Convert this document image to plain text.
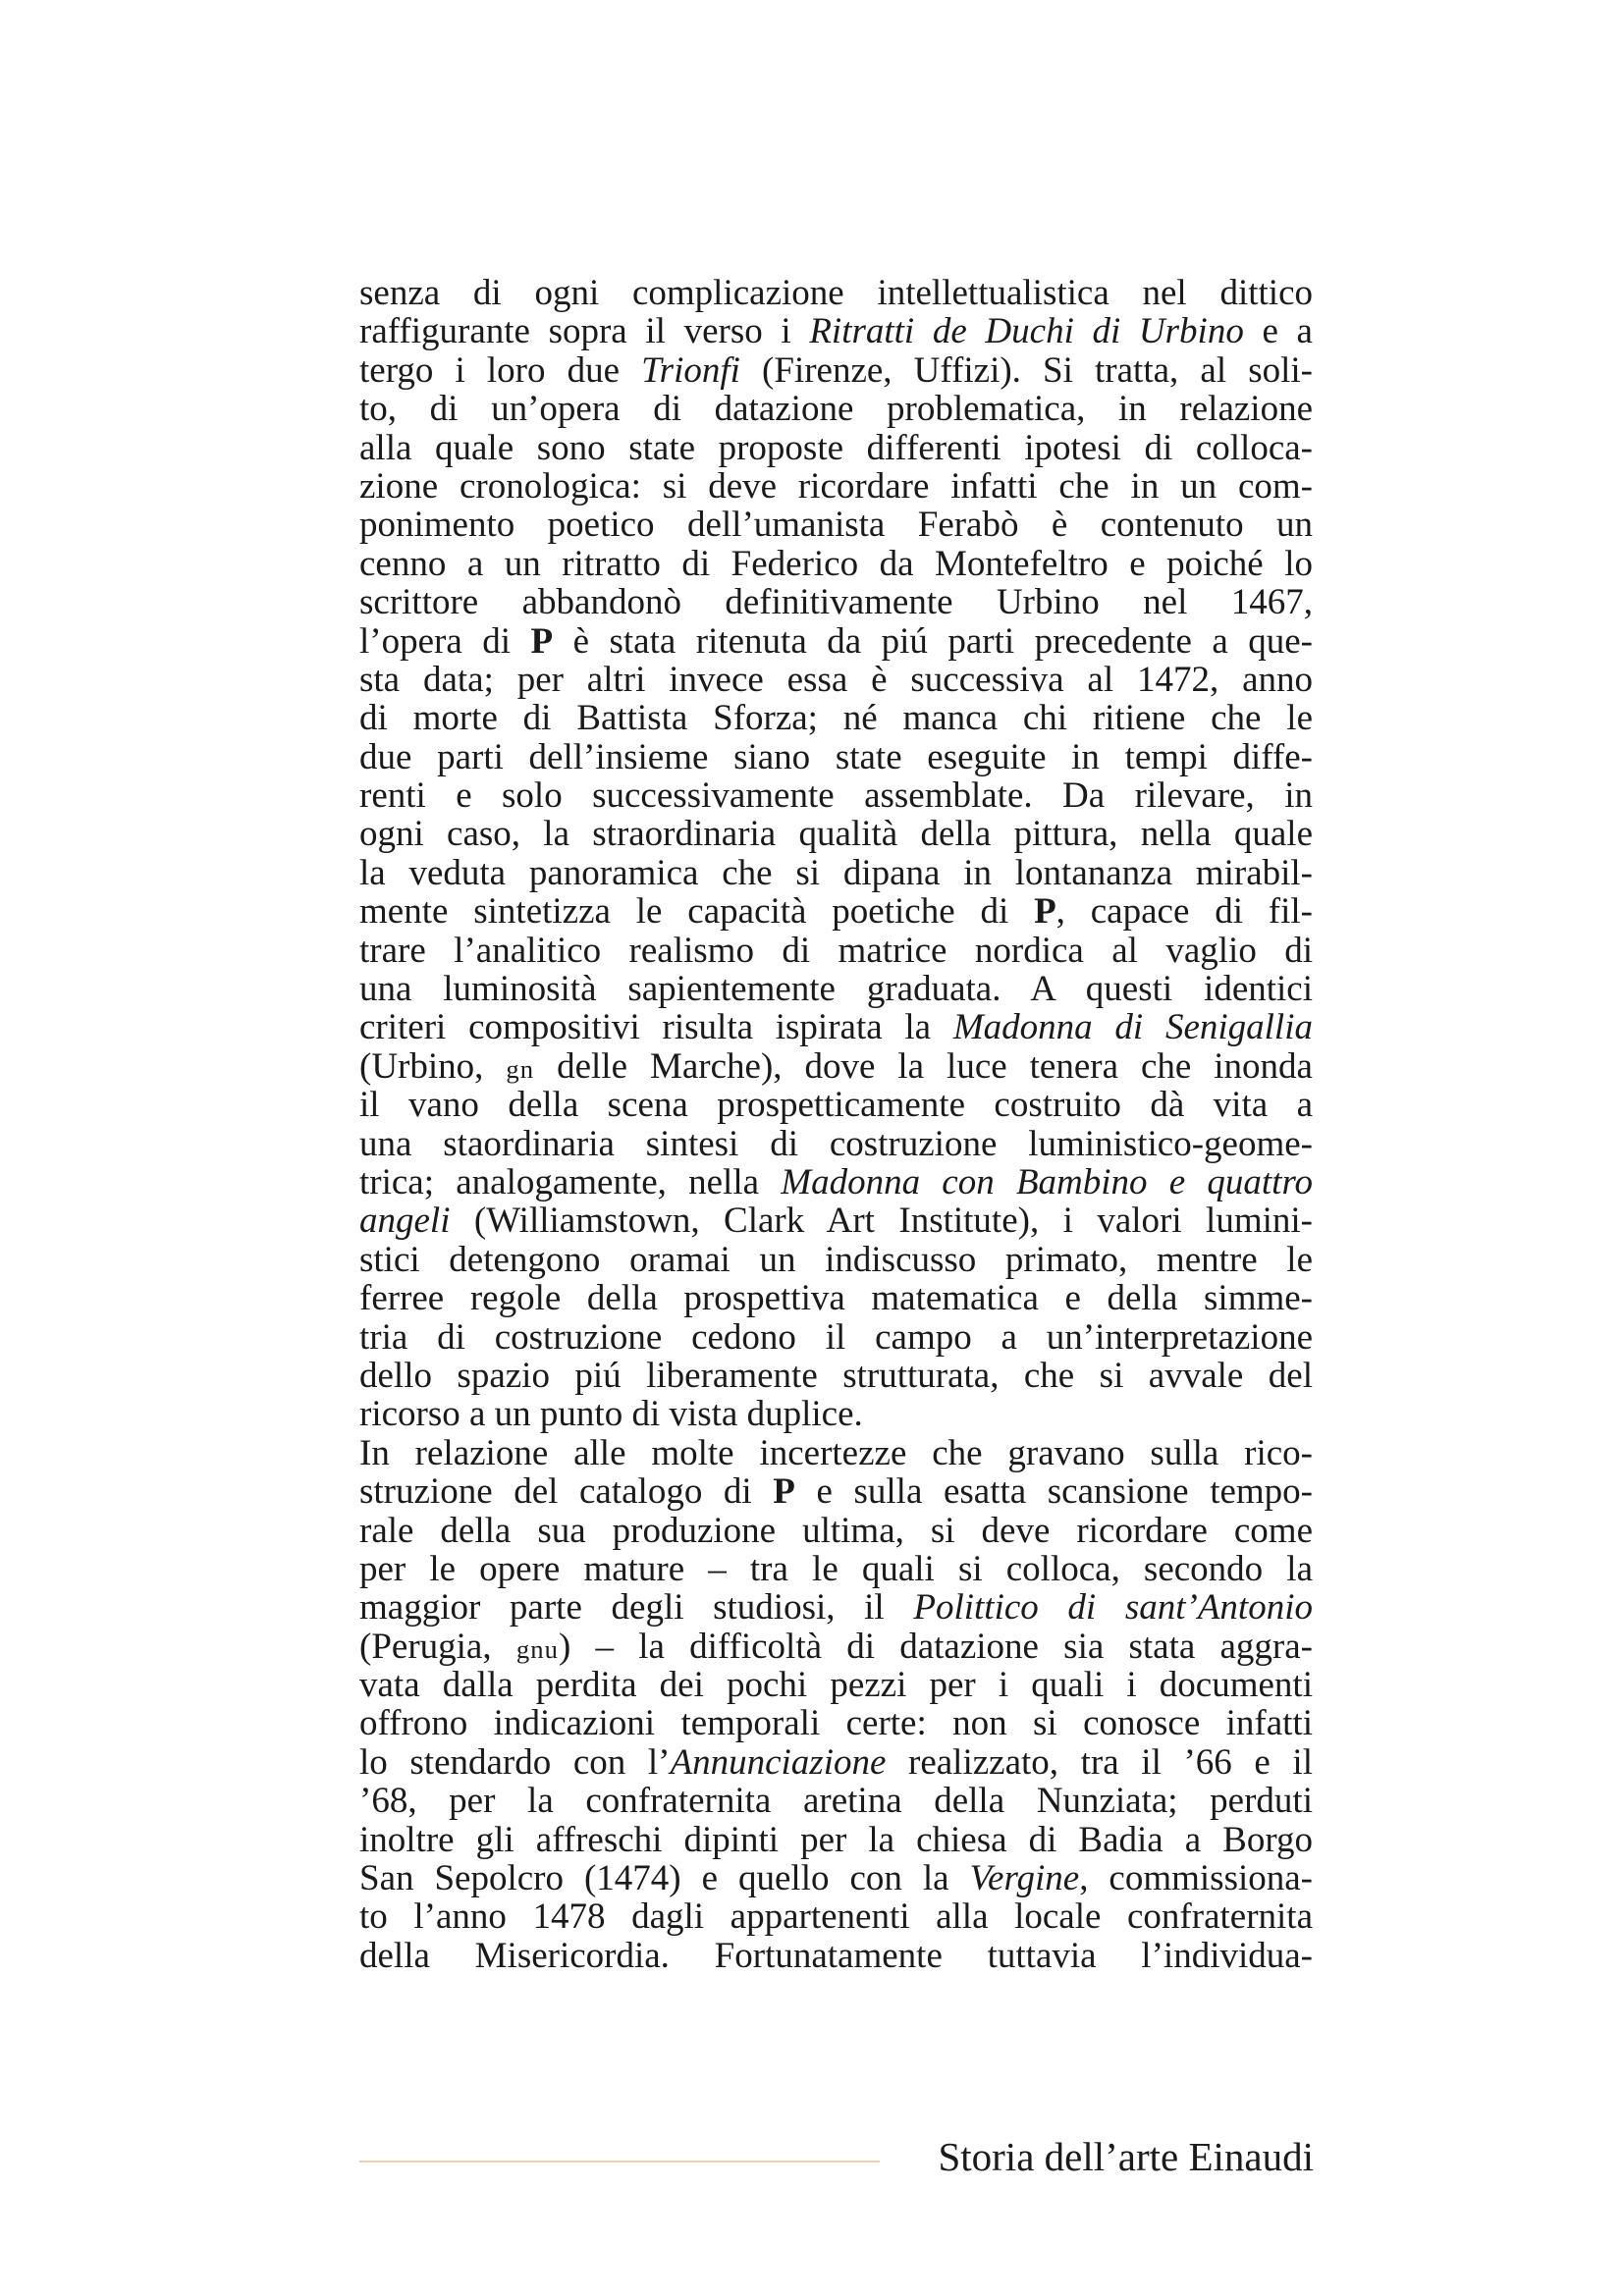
senza di ogni complicazione intellettualistica nel dittico
raffigurante sopra il verso i Ritratti de Duchi di Urbino e a
tergo i loro due Trionfi (Firenze, Uffizi). Si tratta, al soli-
to, di un’opera di datazione problematica, in relazione
alla quale sono state proposte differenti ipotesi di colloca-
zione cronologica: si deve ricordare infatti che in un com-
ponimento poetico dell’umanista Ferabò è contenuto un
cenno a un ritratto di Federico da Montefeltro e poiché lo
scrittore abbandonò definitivamente Urbino nel 1467,
l’opera di P è stata ritenuta da piú parti precedente a que-
sta data; per altri invece essa è successiva al 1472, anno
di morte di Battista Sforza; né manca chi ritiene che le
due parti dell’insieme siano state eseguite in tempi diffe-
renti e solo successivamente assemblate. Da rilevare, in
ogni caso, la straordinaria qualità della pittura, nella quale
la veduta panoramica che si dipana in lontananza mirabil-
mente sintetizza le capacità poetiche di P, capace di fil-
trare l’analitico realismo di matrice nordica al vaglio di
una luminosità sapientemente graduata. A questi identici
criteri compositivi risulta ispirata la Madonna di Senigallia
(Urbino, gn delle Marche), dove la luce tenera che inonda
il vano della scena prospetticamente costruito dà vita a
una staordinaria sintesi di costruzione luministico-geome-
trica; analogamente, nella Madonna con Bambino e quattro
angeli (Williamstown, Clark Art Institute), i valori lumini-
stici detengono oramai un indiscusso primato, mentre le
ferree regole della prospettiva matematica e della simme-
tria di costruzione cedono il campo a un’interpretazione
dello spazio piú liberamente strutturata, che si avvale del
ricorso a un punto di vista duplice.
In relazione alle molte incertezze che gravano sulla rico-
struzione del catalogo di P e sulla esatta scansione tempo-
rale della sua produzione ultima, si deve ricordare come
per le opere mature – tra le quali si colloca, secondo la
maggior parte degli studiosi, il Polittico di sant’Antonio
(Perugia, gnu) – la difficoltà di datazione sia stata aggra-
vata dalla perdita dei pochi pezzi per i quali i documenti
offrono indicazioni temporali certe: non si conosce infatti
lo stendardo con l’Annunciazione realizzato, tra il ’66 e il
’68, per la confraternita aretina della Nunziata; perduti
inoltre gli affreschi dipinti per la chiesa di Badia a Borgo
San Sepolcro (1474) e quello con la Vergine, commissiona-
to l’anno 1478 dagli appartenenti alla locale confraternita
della Misericordia. Fortunatamente tuttavia l’individua-
Storia dell’arte Einaudi
